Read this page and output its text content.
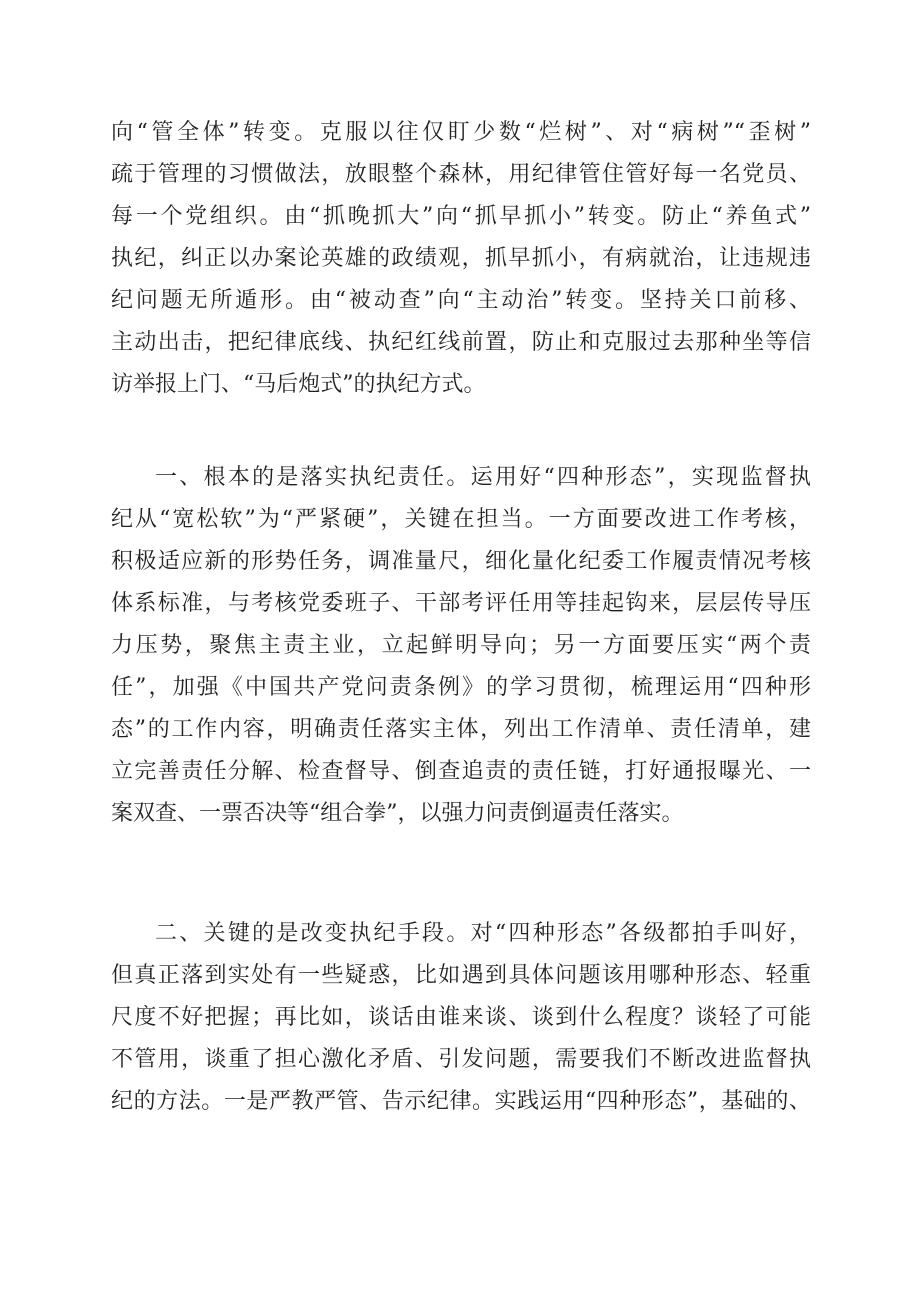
向“管全体”转变。克服以往仅盯少数“烂树”、对“病树”“歪树”
疏于管理的习惯做法，放眼整个森林，用纪律管住管好每一名党员、
每一个党组织。由“抓晚抓大”向“抓早抓小”转变。防止“养鱼式”
执纪，纠正以办案论英雄的政绩观，抓早抓小，有病就治，让违规违
纪问题无所遁形。由“被动查”向“主动治”转变。坚持关口前移、
主动出击，把纪律底线、执纪红线前置，防止和克服过去那种坐等信
访举报上门、“马后炮式”的执纪方式。
一、根本的是落实执纪责任。运用好“四种形态”，实现监督执
纪从“宽松软”为“严紧硬”，关键在担当。一方面要改进工作考核，
积极适应新的形势任务，调准量尺，细化量化纪委工作履责情况考核
体系标准，与考核党委班子、干部考评任用等挂起钩来，层层传导压
力压势，聚焦主责主业，立起鲜明导向；另一方面要压实“两个责
任”，加强《中国共产党问责条例》的学习贯彻，梳理运用“四种形
态”的工作内容，明确责任落实主体，列出工作清单、责任清单，建
立完善责任分解、检查督导、倒查追责的责任链，打好通报曝光、一
案双查、一票否决等“组合拳”，以强力问责倒逼责任落实。
二、关键的是改变执纪手段。对“四种形态”各级都拍手叫好，
但真正落到实处有一些疑惑，比如遇到具体问题该用哪种形态、轻重
尺度不好把握；再比如，谈话由谁来谈、谈到什么程度？谈轻了可能
不管用，谈重了担心激化矛盾、引发问题，需要我们不断改进监督执
纪的方法。一是严教严管、告示纪律。实践运用“四种形态”，基础的、
